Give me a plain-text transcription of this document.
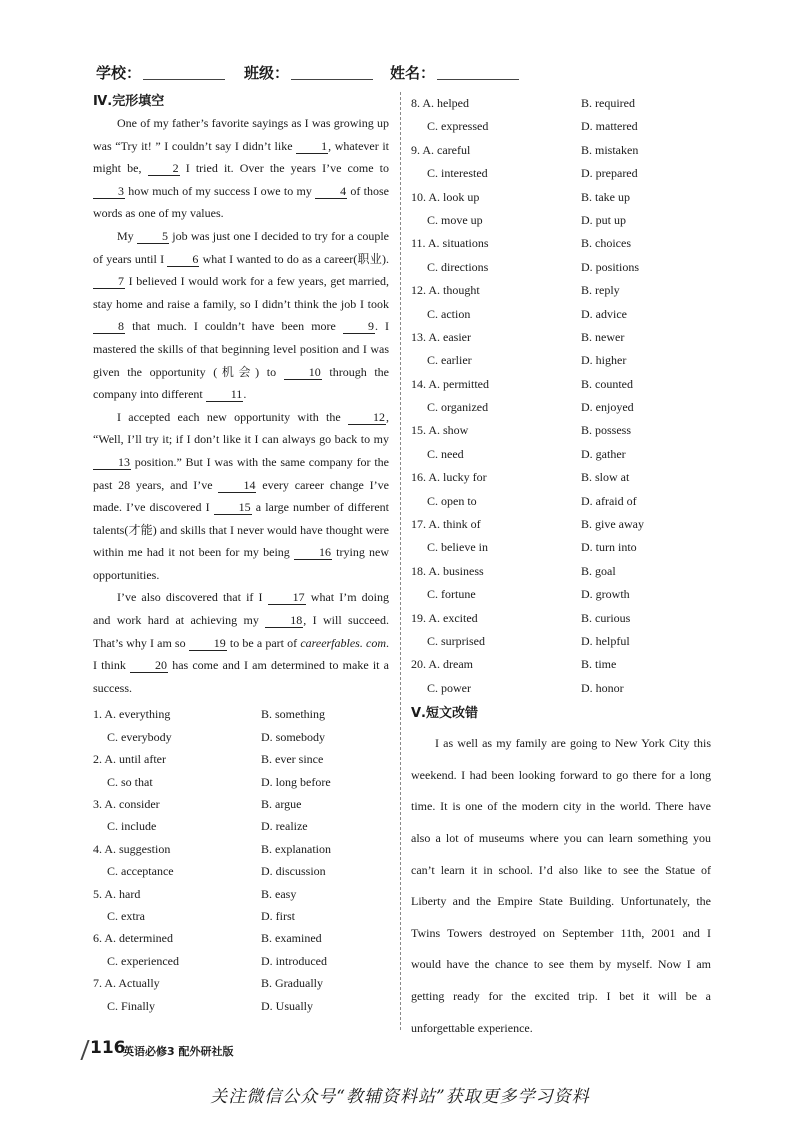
学校：	班级：	姓名：
Ⅳ.完形填空

One of my father’s favorite sayings as I was growing up was “Try it! ” I couldn’t say I didn’t like 1, whatever it might be, 2 I tried it. Over the years I’ve come to 3 how much of my success I owe to my 4 of those words as one of my values.

My 5 job was just one I decided to try for a couple of years until I 6 what I wanted to do as a career(职业). 7 I believed I would work for a few years, get married, stay home and raise a family, so I didn’t think the job I took 8 that much. I couldn’t have been more 9. I mastered the skills of that beginning level position and I was given the opportunity (机会) to 10 through the company into different 11.

I accepted each new opportunity with the 12, “Well, I’ll try it; if I don’t like it I can always go back to my 13 position.” But I was with the same company for the past 28 years, and I’ve 14 every career change I’ve made. I’ve discovered I 15 a large number of different talents(才能) and skills that I never would have thought were within me had it not been for my being 16 trying new opportunities.

I’ve also discovered that if I 17 what I’m doing and work hard at achieving my 18, I will succeed. That’s why I am so 19 to be a part of careerfables. com. I think 20 has come and I am determined to make it a success.

1. A. everything	B. something
C. everybody	D. somebody
2. A. until after	B. ever since
C. so that	D. long before
3. A. consider	B. argue
C. include	D. realize
4. A. suggestion	B. explanation
C. acceptance	D. discussion
5. A. hard	B. easy
C. extra	D. first
6. A. determined	B. examined
C. experienced	D. introduced
7. A. Actually	B. Gradually
C. Finally	D. Usually
8. A. helped	B. required
C. expressed	D. mattered
9. A. careful	B. mistaken
C. interested	D. prepared
10. A. look up	B. take up
C. move up	D. put up
11. A. situations	B. choices
C. directions	D. positions
12. A. thought	B. reply
C. action	D. advice
13. A. easier	B. newer
C. earlier	D. higher
14. A. permitted	B. counted
C. organized	D. enjoyed
15. A. show	B. possess
C. need	D. gather
16. A. lucky for	B. slow at
C. open to	D. afraid of
17. A. think of	B. give away
C. believe in	D. turn into
18. A. business	B. goal
C. fortune	D. growth
19. A. excited	B. curious
C. surprised	D. helpful
20. A. dream	B. time
C. power	D. honor
Ⅴ.短文改错

I as well as my family are going to New York City this weekend. I had been looking forward to go there for a long time. It is one of the modern city in the world. There have also a lot of museums where you can learn something you can’t learn it in school. I’d also like to see the Statue of Liberty and the Empire State Building. Unfortunately, the Twins Towers destroyed on September 11th, 2001 and I would have the chance to see them by myself. Now I am getting ready for the excited trip. I bet it will be a unforgettable experience.

116
英语必修3 配外研社版
关注微信公众号“教辅资料站”获取更多学习资料
